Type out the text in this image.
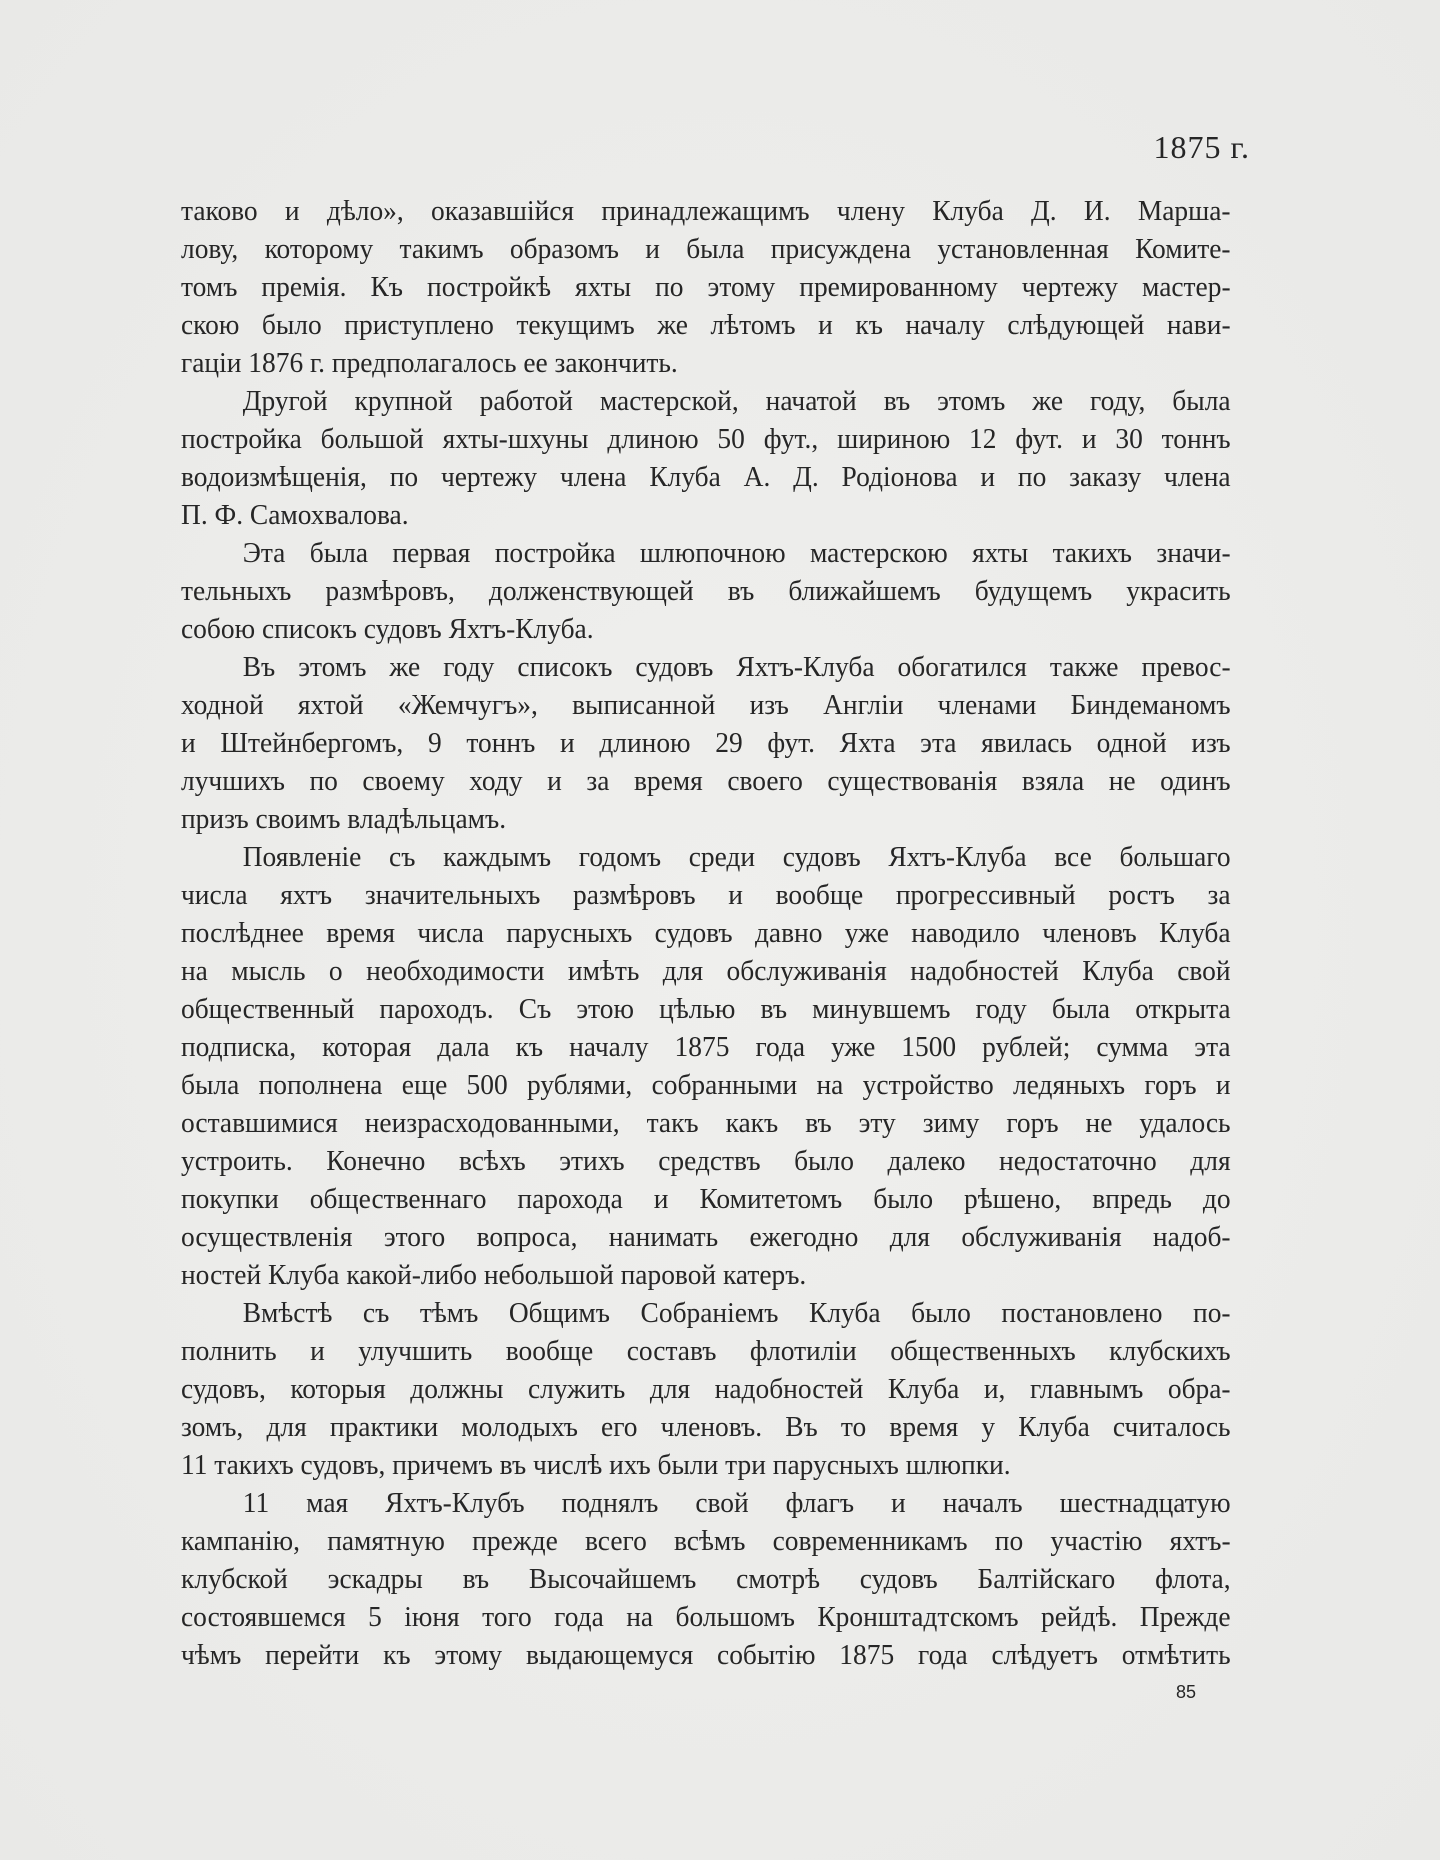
1875 г.
таково и дѣло», оказавшійся принадлежащимъ члену Клуба Д. И. Марша-
лову, которому такимъ образомъ и была присуждена установленная Комите-
томъ премія. Къ постройкѣ яхты по этому премированному чертежу мастер-
скою было приступлено текущимъ же лѣтомъ и къ началу слѣдующей нави-
гаціи 1876 г. предполагалось ее закончить.
Другой крупной работой мастерской, начатой въ этомъ же году, была
постройка большой яхты-шхуны длиною 50 фут., шириною 12 фут. и 30 тоннъ
водоизмѣщенія, по чертежу члена Клуба А. Д. Родіонова и по заказу члена
П. Ф. Самохвалова.
Эта была первая постройка шлюпочною мастерскою яхты такихъ значи-
тельныхъ размѣровъ, долженствующей въ ближайшемъ будущемъ украсить
собою списокъ судовъ Яхтъ-Клуба.
Въ этомъ же году списокъ судовъ Яхтъ-Клуба обогатился также превос-
ходной яхтой «Жемчугъ», выписанной изъ Англіи членами Биндеманомъ
и Штейнбергомъ, 9 тоннъ и длиною 29 фут. Яхта эта явилась одной изъ
лучшихъ по своему ходу и за время своего существованія взяла не одинъ
призъ своимъ владѣльцамъ.
Появленіе съ каждымъ годомъ среди судовъ Яхтъ-Клуба все большаго
числа яхтъ значительныхъ размѣровъ и вообще прогрессивный ростъ за
послѣднее время числа парусныхъ судовъ давно уже наводило членовъ Клуба
на мысль о необходимости имѣть для обслуживанія надобностей Клуба свой
общественный пароходъ. Съ этою цѣлью въ минувшемъ году была открыта
подписка, которая дала къ началу 1875 года уже 1500 рублей; сумма эта
была пополнена еще 500 рублями, собранными на устройство ледяныхъ горъ и
оставшимися неизрасходованными, такъ какъ въ эту зиму горъ не удалось
устроить. Конечно всѣхъ этихъ средствъ было далеко недостаточно для
покупки общественнаго парохода и Комитетомъ было рѣшено, впредь до
осуществленія этого вопроса, нанимать ежегодно для обслуживанія надоб-
ностей Клуба какой-либо небольшой паровой катеръ.
Вмѣстѣ съ тѣмъ Общимъ Собраніемъ Клуба было постановлено по-
полнить и улучшить вообще составъ флотиліи общественныхъ клубскихъ
судовъ, которыя должны служить для надобностей Клуба и, главнымъ обра-
зомъ, для практики молодыхъ его членовъ. Въ то время у Клуба считалось
11 такихъ судовъ, причемъ въ числѣ ихъ были три парусныхъ шлюпки.
11 мая Яхтъ-Клубъ поднялъ свой флагъ и началъ шестнадцатую
кампанію, памятную прежде всего всѣмъ современникамъ по участію яхтъ-
клубской эскадры въ Высочайшемъ смотрѣ судовъ Балтійскаго флота,
состоявшемся 5 іюня того года на большомъ Кронштадтскомъ рейдѣ. Прежде
чѣмъ перейти къ этому выдающемуся событію 1875 года слѣдуетъ отмѣтить
85
